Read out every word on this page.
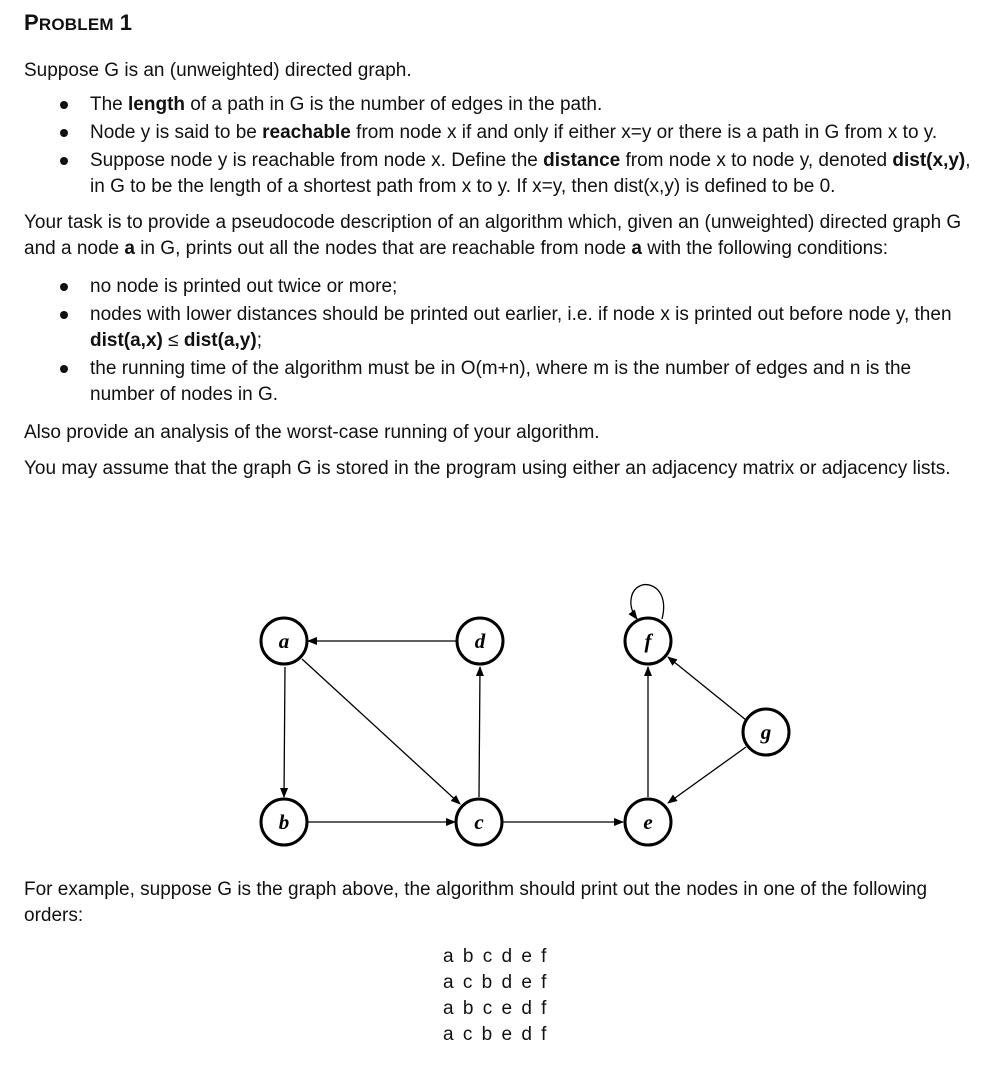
PROBLEM 1

Suppose G is an (unweighted) directed graph.

The length of a path in G is the number of edges in the path.
Node y is said to be reachable from node x if and only if either x=y or there is a path in G from x to y.
Suppose node y is reachable from node x. Define the distance from node x to node y, denoted dist(x,y), in G to be the length of a shortest path from x to y. If x=y, then dist(x,y) is defined to be 0.

Your task is to provide a pseudocode description of an algorithm which, given an (unweighted) directed graph G and a node a in G, prints out all the nodes that are reachable from node a with the following conditions:

no node is printed out twice or more;
nodes with lower distances should be printed out earlier, i.e. if node x is printed out before node y, then dist(a,x) ≤ dist(a,y);
the running time of the algorithm must be in O(m+n), where m is the number of edges and n is the number of nodes in G.

Also provide an analysis of the worst-case running of your algorithm.

You may assume that the graph G is stored in the program using either an adjacency matrix or adjacency lists.

a	d	f
g
b	c	e

For example, suppose G is the graph above, the algorithm should print out the nodes in one of the following orders:

a b c d e f
a c b d e f
a b c e d f
a c b e d f
